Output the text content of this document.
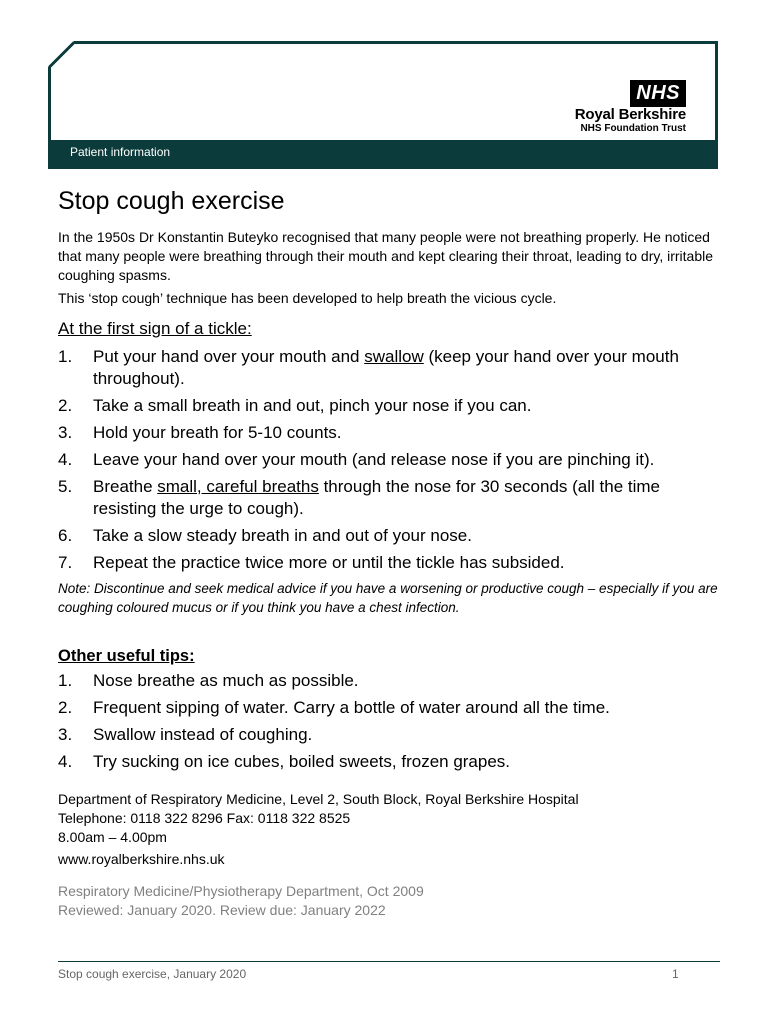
NHS
Royal Berkshire
NHS Foundation Trust
Patient information
Stop cough exercise

In the 1950s Dr Konstantin Buteyko recognised that many people were not breathing properly. He noticed that many people were breathing through their mouth and kept clearing their throat, leading to dry, irritable coughing spasms.

This ‘stop cough’ technique has been developed to help breath the vicious cycle.

At the first sign of a tickle:

1.	Put your hand over your mouth and swallow (keep your hand over your mouth throughout).
2.	Take a small breath in and out, pinch your nose if you can.
3.	Hold your breath for 5-10 counts.
4.	Leave your hand over your mouth (and release nose if you are pinching it).
5.	Breathe small, careful breaths through the nose for 30 seconds (all the time resisting the urge to cough).
6.	Take a slow steady breath in and out of your nose.
7.	Repeat the practice twice more or until the tickle has subsided.

Note: Discontinue and seek medical advice if you have a worsening or productive cough – especially if you are coughing coloured mucus or if you think you have a chest infection.

Other useful tips:

1.	Nose breathe as much as possible.
2.	Frequent sipping of water. Carry a bottle of water around all the time.
3.	Swallow instead of coughing.
4.	Try sucking on ice cubes, boiled sweets, frozen grapes.
Department of Respiratory Medicine, Level 2, South Block, Royal Berkshire Hospital
Telephone: 0118 322 8296 Fax: 0118 322 8525
8.00am – 4.00pm
www.royalberkshire.nhs.uk
Respiratory Medicine/Physiotherapy Department, Oct 2009
Reviewed: January 2020. Review due: January 2022
Stop cough exercise, January 2020	1
